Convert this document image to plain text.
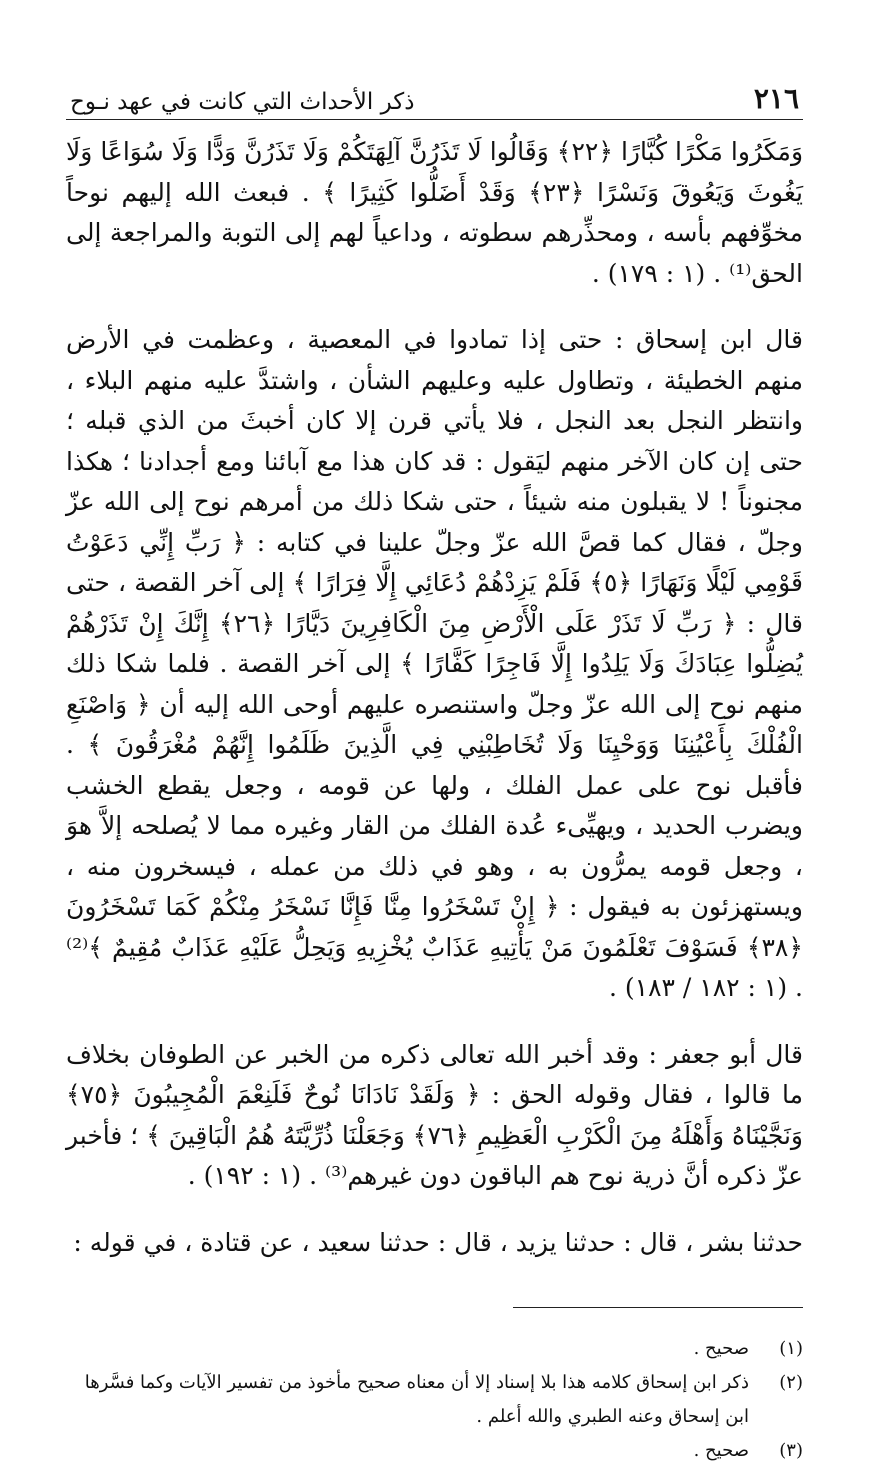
٢١٦
ذكر الأحداث التي كانت في عهد نـوح

وَمَكَرُوا مَكْرًا كُبَّارًا ﴿٢٢﴾ وَقَالُوا لَا تَذَرُنَّ آلِهَتَكُمْ وَلَا تَذَرُنَّ وَدًّا وَلَا سُوَاعًا وَلَا يَغُوثَ وَيَعُوقَ وَنَسْرًا ﴿٢٣﴾ وَقَدْ أَضَلُّوا كَثِيرًا ﴾ . فبعث الله إليهم نوحاً مخوِّفهم بأسه ، ومحذِّرهم سطوته ، وداعياً لهم إلى التوبة والمراجعة إلى الحق⁽¹⁾ . (١ : ١٧٩) .

قال ابن إسحاق : حتى إذا تمادوا في المعصية ، وعظمت في الأرض منهم الخطيئة ، وتطاول عليه وعليهم الشأن ، واشتدَّ عليه منهم البلاء ، وانتظر النجل بعد النجل ، فلا يأتي قرن إلا كان أخبثَ من الذي قبله ؛ حتى إن كان الآخر منهم ليَقول : قد كان هذا مع آبائنا ومع أجدادنا ؛ هكذا مجنوناً ! لا يقبلون منه شيئاً ، حتى شكا ذلك من أمرهم نوح إلى الله عزّ وجلّ ، فقال كما قصَّ الله عزّ وجلّ علينا في كتابه : ﴿ رَبِّ إِنِّي دَعَوْتُ قَوْمِي لَيْلًا وَنَهَارًا ﴿٥﴾ فَلَمْ يَزِدْهُمْ دُعَائِي إِلَّا فِرَارًا ﴾ إلى آخر القصة ، حتى قال : ﴿ رَبِّ لَا تَذَرْ عَلَى الْأَرْضِ مِنَ الْكَافِرِينَ دَيَّارًا ﴿٢٦﴾ إِنَّكَ إِنْ تَذَرْهُمْ يُضِلُّوا عِبَادَكَ وَلَا يَلِدُوا إِلَّا فَاجِرًا كَفَّارًا ﴾ إلى آخر القصة . فلما شكا ذلك منهم نوح إلى الله عزّ وجلّ واستنصره عليهم أوحى الله إليه أن ﴿ وَاصْنَعِ الْفُلْكَ بِأَعْيُنِنَا وَوَحْيِنَا وَلَا تُخَاطِبْنِي فِي الَّذِينَ ظَلَمُوا إِنَّهُمْ مُغْرَقُونَ ﴾ . فأقبل نوح على عمل الفلك ، ولها عن قومه ، وجعل يقطع الخشب ويضرب الحديد ، ويهيِّىء عُدة الفلك من القار وغيره مما لا يُصلحه إلاَّ هوَ ، وجعل قومه يمرُّون به ، وهو في ذلك من عمله ، فيسخرون منه ، ويستهزئون به فيقول : ﴿ إِنْ تَسْخَرُوا مِنَّا فَإِنَّا نَسْخَرُ مِنْكُمْ كَمَا تَسْخَرُونَ ﴿٣٨﴾ فَسَوْفَ تَعْلَمُونَ مَنْ يَأْتِيهِ عَذَابٌ يُخْزِيهِ وَيَحِلُّ عَلَيْهِ عَذَابٌ مُقِيمٌ ﴾⁽²⁾ . (١ : ١٨٢ / ١٨٣) .

قال أبو جعفر : وقد أخبر الله تعالى ذكره من الخبر عن الطوفان بخلاف ما قالوا ، فقال وقوله الحق : ﴿ وَلَقَدْ نَادَانَا نُوحٌ فَلَنِعْمَ الْمُجِيبُونَ ﴿٧٥﴾ وَنَجَّيْنَاهُ وَأَهْلَهُ مِنَ الْكَرْبِ الْعَظِيمِ ﴿٧٦﴾ وَجَعَلْنَا ذُرِّيَّتَهُ هُمُ الْبَاقِينَ ﴾ ؛ فأخبر عزّ ذكره أنَّ ذرية نوح هم الباقون دون غيرهم⁽³⁾ . (١ : ١٩٢) .

حدثنا بشر ، قال : حدثنا يزيد ، قال : حدثنا سعيد ، عن قتادة ، في قوله :

(١)
صحيح .
(٢)
ذكر ابن إسحاق كلامه هذا بلا إسناد إلا أن معناه صحيح مأخوذ من تفسير الآيات وكما فسَّرها ابن إسحاق وعنه الطبري والله أعلم .
(٣)
صحيح .
